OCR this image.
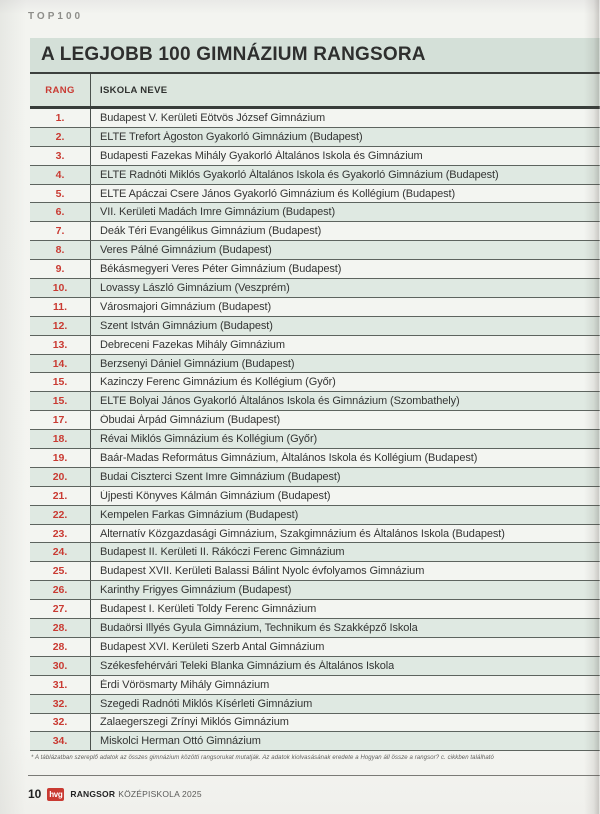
TOP100
A LEGJOBB 100 GIMNÁZIUM RANGSORA
RANG	ISKOLA NEVE
1.	Budapest V. Kerületi Eötvös József Gimnázium
2.	ELTE Trefort Ágoston Gyakorló Gimnázium (Budapest)
3.	Budapesti Fazekas Mihály Gyakorló Általános Iskola és Gimnázium
4.	ELTE Radnóti Miklós Gyakorló Általános Iskola és Gyakorló Gimnázium (Budapest)
5.	ELTE Apáczai Csere János Gyakorló Gimnázium és Kollégium (Budapest)
6.	VII. Kerületi Madách Imre Gimnázium (Budapest)
7.	Deák Téri Evangélikus Gimnázium (Budapest)
8.	Veres Pálné Gimnázium (Budapest)
9.	Békásmegyeri Veres Péter Gimnázium (Budapest)
10.	Lovassy László Gimnázium (Veszprém)
11.	Városmajori Gimnázium (Budapest)
12.	Szent István Gimnázium (Budapest)
13.	Debreceni Fazekas Mihály Gimnázium
14.	Berzsenyi Dániel Gimnázium (Budapest)
15.	Kazinczy Ferenc Gimnázium és Kollégium (Győr)
15.	ELTE Bolyai János Gyakorló Általános Iskola és Gimnázium (Szombathely)
17.	Óbudai Árpád Gimnázium (Budapest)
18.	Révai Miklós Gimnázium és Kollégium (Győr)
19.	Baár-Madas Református Gimnázium, Általános Iskola és Kollégium (Budapest)
20.	Budai Ciszterci Szent Imre Gimnázium (Budapest)
21.	Újpesti Könyves Kálmán Gimnázium (Budapest)
22.	Kempelen Farkas Gimnázium (Budapest)
23.	Alternatív Közgazdasági Gimnázium, Szakgimnázium és Általános Iskola (Budapest)
24.	Budapest II. Kerületi II. Rákóczi Ferenc Gimnázium
25.	Budapest XVII. Kerületi Balassi Bálint Nyolc évfolyamos Gimnázium
26.	Karinthy Frigyes Gimnázium (Budapest)
27.	Budapest I. Kerületi Toldy Ferenc Gimnázium
28.	Budaörsi Illyés Gyula Gimnázium, Technikum és Szakképző Iskola
28.	Budapest XVI. Kerületi Szerb Antal Gimnázium
30.	Székesfehérvári Teleki Blanka Gimnázium és Általános Iskola
31.	Érdi Vörösmarty Mihály Gimnázium
32.	Szegedi Radnóti Miklós Kísérleti Gimnázium
32.	Zalaegerszegi Zrínyi Miklós Gimnázium
34.	Miskolci Herman Ottó Gimnázium
* A táblázatban szereplő adatok az összes gimnázium közötti rangsorukat mutatják. Az adatok kiolvasásának eredete a Hogyan áll össze a rangsor? c. cikkben található
10 hvg RANGSOR KÖZÉPISKOLA 2025
